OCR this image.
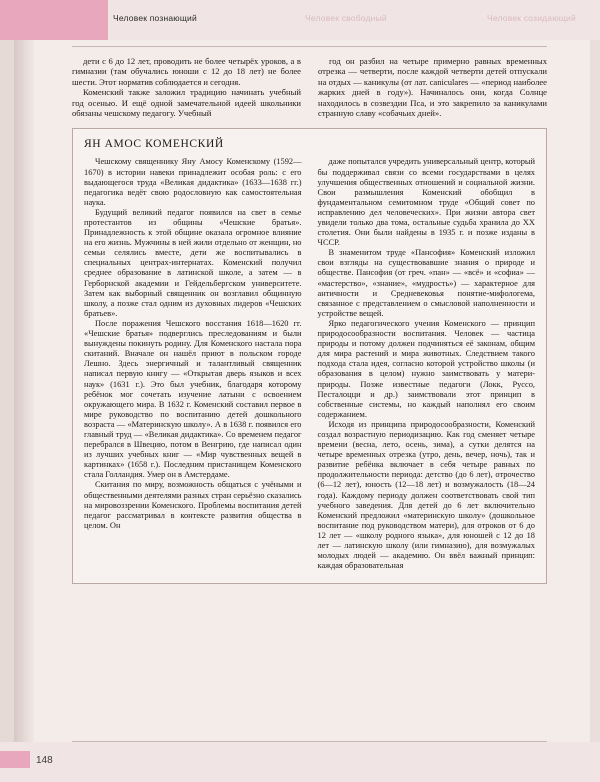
Человек познающий	Человек свободный	Человек созидающий

дети с 6 до 12 лет, проводить не более четырёх уроков, а в гимназии (там обучались юноши с 12 до 18 лет) не более шести. Этот норматив соблюдается и сегодня.

Коменский также заложил традицию начинать учебный год осенью. И ещё одной замечательной идеей школьники обязаны чешскому педагогу. Учебный

год он разбил на четыре примерно равных временных отрезка — четверти, после каждой четверти детей отпускали на отдых — каникулы (от лат. caniculares — «период наиболее жарких дней в году»). Начиналось они, когда Солнце находилось в созвездии Пса, и это закрепило за каникулами странную славу «собачьих дней».

ЯН АМОС КОМЕНСКИЙ

Чешскому священнику Яну Амосу Коменскому (1592—1670) в истории навеки принадлежит особая роль: с его выдающегося труда «Великая дидактика» (1633—1638 гг.) педагогика ведёт свою родословную как самостоятельная наука.

Будущий великий педагог появился на свет в семье протестантов из общины «Чешские братья». Принадлежность к этой общине оказала огромное влияние на его жизнь. Мужчины в ней жили отдельно от женщин, но семьи селялись вместе, дети же воспитывались в специальных центрах-интернатах. Коменский получил среднее образование в латинской школе, а затем — в Герборнской академии и Гейдельбергском университете. Затем как выборный священник он возглавил общинную школу, а позже стал одним из духовных лидеров «Чешских братьев».

После поражения Чешского восстания 1618—1620 гг. «Чешские братья» подверглись преследованиям и были вынуждены покинуть родину. Для Коменского настала пора скитаний. Вначале он нашёл приют в польском городе Лешно. Здесь энергичный и талантливый священник написал первую книгу — «Открытая дверь языков и всех наук» (1631 г.). Это был учебник, благодаря которому ребёнок мог сочетать изучение латыни с освоением окружающего мира. В 1632 г. Коменский составил первое в мире руководство по воспитанию детей дошкольного возраста — «Материнскую школу». А в 1638 г. появился его главный труд — «Великая дидактика». Со временем педагог перебрался в Швецию, потом в Венгрию, где написал один из лучших учебных книг — «Мир чувственных вещей в картинках» (1658 г.). Последним пристанищем Коменского стала Голландия. Умер он в Амстердаме.

Скитания по миру, возможность общаться с учёными и общественными деятелями разных стран серьёзно сказались на мировоззрении Коменского. Проблемы воспитания детей педагог рассматривал в контексте развития общества в целом. Он

даже попытался учредить универсальный центр, который бы поддерживал связи со всеми государствами в целях улучшения общественных отношений и социальной жизни. Свои размышления Коменский обобщил в фундаментальном семитомном труде «Общий совет по исправлению дел человеческих». При жизни автора свет увидели только два тома, остальные судьба хранила до XX столетия. Они были найдены в 1935 г. и позже изданы в ЧССР.

В знаменитом труде «Пансофия» Коменский изложил свои взгляды на существовавшие знания о природе и обществе. Пансофия (от греч. «пан» — «всё» и «софиа» — «мастерство», «знание», «мудрость») — характерное для античности и Средневековья понятие-мифологема, связанное с представлением о смысловой наполненности и устройстве вещей.

Ярко педагогического учения Коменского — принцип природосообразности воспитания. Человек — частица природы и потому должен подчиняться её законам, общим для мира растений и мира животных. Следствием такого подхода стала идея, согласно которой устройство школы (и образования в целом) нужно заимствовать у матери-природы. Позже известные педагоги (Локк, Руссо, Песталоцци и др.) заимствовали этот принцип в собственные системы, но каждый наполнял его своим содержанием.

Исходя из принципа природосообразности, Коменский создал возрастную периодизацию. Как год сменяет четыре времени (весна, лето, осень, зима), а сутки делятся на четыре временных отрезка (утро, день, вечер, ночь), так и развитие ребёнка включает в себя четыре равных по продолжительности периода: детство (до 6 лет), отрочество (6—12 лет), юность (12—18 лет) и возмужалость (18—24 года). Каждому периоду должен соответствовать свой тип учебного заведения. Для детей до 6 лет включительно Коменский предложил «материнскую школу» (дошкольное воспитание под руководством матери), для отроков от 6 до 12 лет — «школу родного языка», для юношей с 12 до 18 лет — латинскую школу (или гимназию), для возмужалых молодых людей — академию. Он ввёл важный принцип: каждая образовательная

148
